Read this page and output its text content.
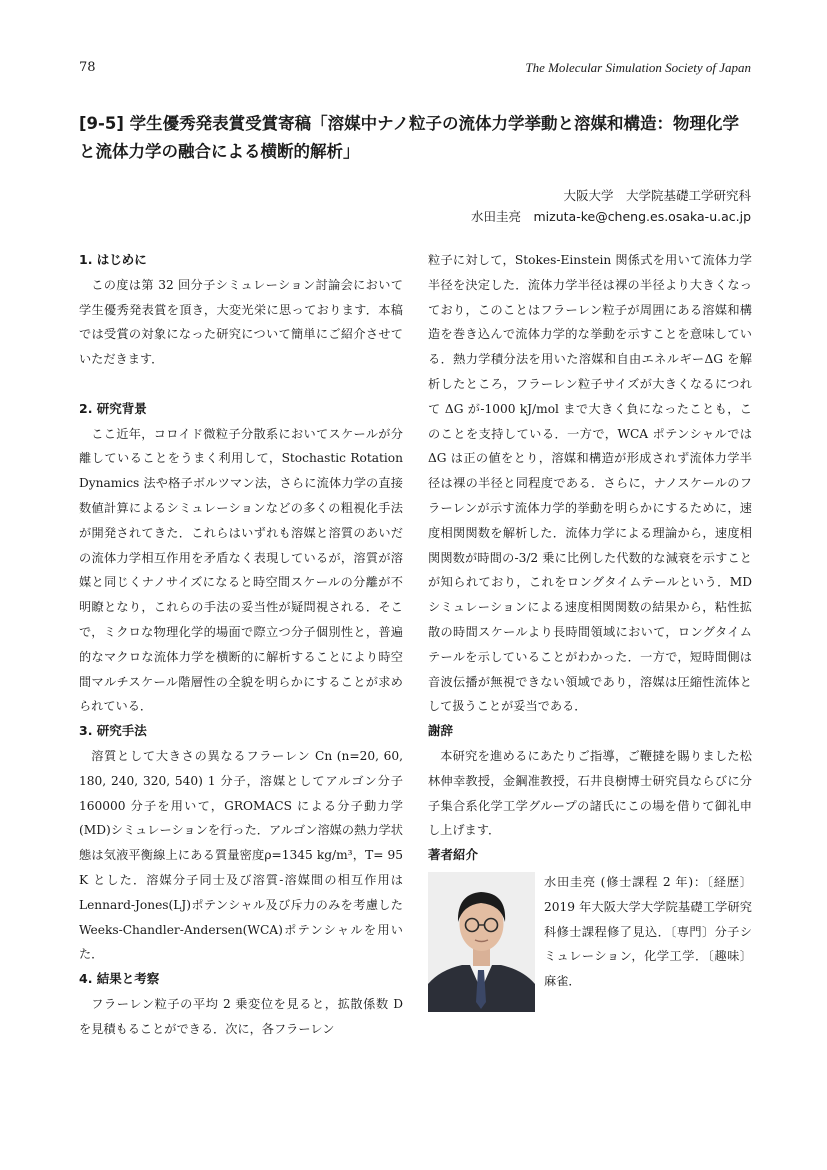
78	The Molecular Simulation Society of Japan
[9-5] 学生優秀発表賞受賞寄稿「溶媒中ナノ粒子の流体力学挙動と溶媒和構造：物理化学と流体力学の融合による横断的解析」
大阪大学　大学院基礎工学研究科
水田圭亮　mizuta-ke@cheng.es.osaka-u.ac.jp
1. はじめに

この度は第 32 回分子シミュレーション討論会において学生優秀発表賞を頂き，大変光栄に思っております．本稿では受賞の対象になった研究について簡単にご紹介させていただきます．

2. 研究背景

ここ近年，コロイド微粒子分散系においてスケールが分離していることをうまく利用して，Stochastic Rotation Dynamics 法や格子ボルツマン法，さらに流体力学の直接数値計算によるシミュレーションなどの多くの粗視化手法が開発されてきた．これらはいずれも溶媒と溶質のあいだの流体力学相互作用を矛盾なく表現しているが，溶質が溶媒と同じくナノサイズになると時空間スケールの分離が不明瞭となり，これらの手法の妥当性が疑問視される．そこで，ミクロな物理化学的場面で際立つ分子個別性と，普遍的なマクロな流体力学を横断的に解析することにより時空間マルチスケール階層性の全貌を明らかにすることが求められている．

3. 研究手法

溶質として大きさの異なるフラーレン Cn (n=20, 60, 180, 240, 320, 540) 1 分子，溶媒としてアルゴン分子 160000 分子を用いて，GROMACS による分子動力学(MD)シミュレーションを行った．アルゴン溶媒の熱力学状態は気液平衡線上にある質量密度ρ=1345 kg/m³，T= 95 K とした．溶媒分子同士及び溶質-溶媒間の相互作用は Lennard-Jones(LJ)ポテンシャル及び斥力のみを考慮した Weeks-Chandler-Andersen(WCA)ポテンシャルを用いた．

4. 結果と考察

フラーレン粒子の平均 2 乗変位を見ると，拡散係数 D を見積もることができる．次に，各フラーレン

粒子に対して，Stokes-Einstein 関係式を用いて流体力学半径を決定した．流体力学半径は裸の半径より大きくなっており，このことはフラーレン粒子が周囲にある溶媒和構造を巻き込んで流体力学的な挙動を示すことを意味している．熱力学積分法を用いた溶媒和自由エネルギーΔG を解析したところ，フラーレン粒子サイズが大きくなるにつれて ΔG が-1000 kJ/mol まで大きく負になったことも，このことを支持している．一方で，WCA ポテンシャルでは ΔG は正の値をとり，溶媒和構造が形成されず流体力学半径は裸の半径と同程度である．さらに，ナノスケールのフラーレンが示す流体力学的挙動を明らかにするために，速度相関関数を解析した．流体力学による理論から，速度相関関数が時間の-3/2 乗に比例した代数的な減衰を示すことが知られており，これをロングタイムテールという．MD シミュレーションによる速度相関関数の結果から，粘性拡散の時間スケールより長時間領域において，ロングタイムテールを示していることがわかった．一方で，短時間側は音波伝播が無視できない領域であり，溶媒は圧縮性流体として扱うことが妥当である．

謝辞

本研究を進めるにあたりご指導，ご鞭撻を賜りました松林伸幸教授，金鋼准教授，石井良樹博士研究員ならびに分子集合系化学工学グループの諸氏にこの場を借りて御礼申し上げます．

著者紹介

水田圭亮 (修士課程 2 年)：〔経歴〕2019 年大阪大学大学院基礎工学研究科修士課程修了見込．〔専門〕分子シミュレーション，化学工学．〔趣味〕麻雀．
